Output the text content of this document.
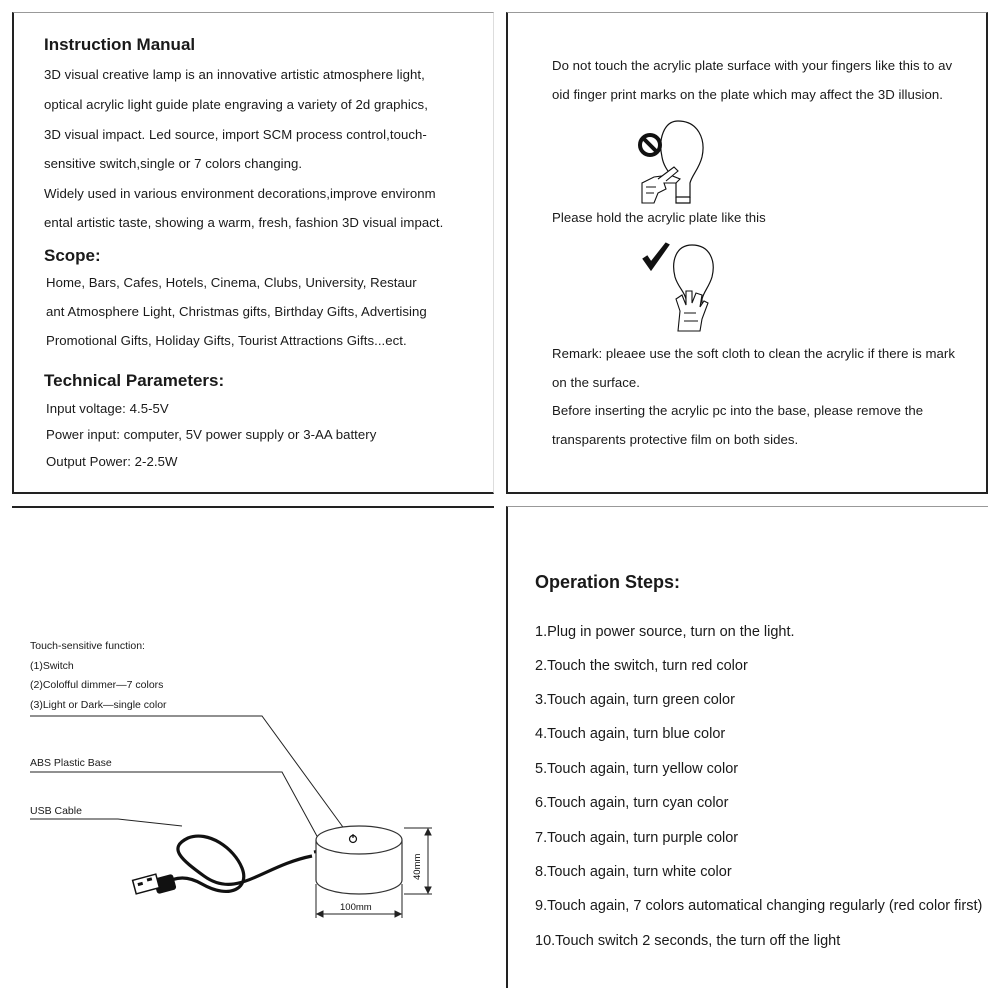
Instruction Manual
3D visual creative lamp is an innovative artistic atmosphere light,
optical acrylic light guide plate engraving a variety of 2d graphics,
3D visual impact. Led source, import SCM process control,touch-
sensitive switch,single or 7 colors changing.
Widely used in various environment decorations,improve environm
ental artistic taste, showing a warm, fresh, fashion 3D visual impact.
Scope:
Home, Bars, Cafes, Hotels, Cinema, Clubs, University, Restaur
ant Atmosphere Light, Christmas gifts, Birthday Gifts, Advertising
Promotional Gifts, Holiday Gifts, Tourist Attractions Gifts...ect.
Technical Parameters:
Input voltage: 4.5-5V
Power input: computer, 5V power supply or 3-AA battery
Output Power: 2-2.5W
Do not touch the acrylic plate surface with your fingers like this to av
oid finger print marks on the plate which may affect the 3D illusion.
Please hold the acrylic plate like this
Remark: pleaee use the soft cloth to clean the acrylic if there is mark
on the surface.
Before inserting the acrylic pc into the base, please remove the
transparents protective film on both sides.
Touch-sensitive function:
(1)Switch
(2)Colofful dimmer—7 colors
(3)Light or Dark—single color
ABS Plastic Base
USB Cable
40mm
100mm
Operation Steps:
1.Plug in power source, turn on the light.
2.Touch the switch, turn red color
3.Touch again, turn green color
4.Touch again, turn blue color
5.Touch again, turn yellow color
6.Touch again, turn cyan color
7.Touch again, turn purple color
8.Touch again, turn white color
9.Touch again, 7 colors automatical changing regularly (red color first)
10.Touch switch 2 seconds, the turn off the light
